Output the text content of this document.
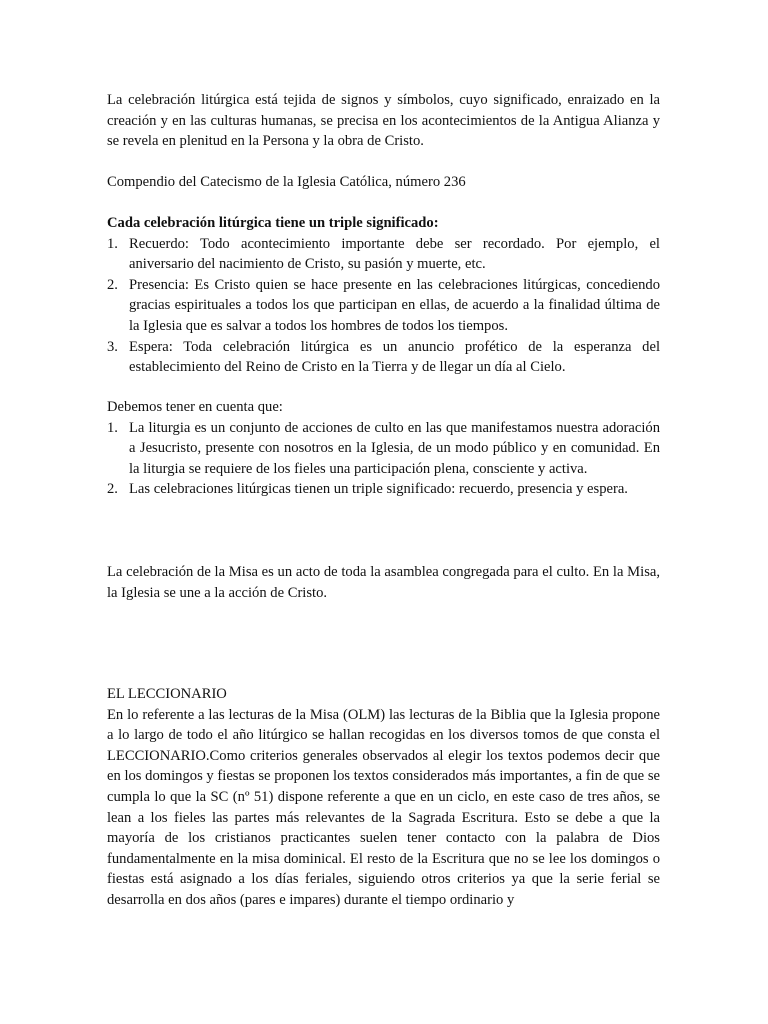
La celebración litúrgica está tejida de signos y símbolos, cuyo significado, enraizado en la creación y en las culturas humanas, se precisa en los acontecimientos de la Antigua Alianza y se revela en plenitud en la Persona y la obra de Cristo.

Compendio del Catecismo de la Iglesia Católica, número 236

Cada celebración litúrgica tiene un triple significado:
1. Recuerdo: Todo acontecimiento importante debe ser recordado. Por ejemplo, el aniversario del nacimiento de Cristo, su pasión y muerte, etc.
2. Presencia: Es Cristo quien se hace presente en las celebraciones litúrgicas, concediendo gracias espirituales a todos los que participan en ellas, de acuerdo a la finalidad última de la Iglesia que es salvar a todos los hombres de todos los tiempos.
3. Espera: Toda celebración litúrgica es un anuncio profético de la esperanza del establecimiento del Reino de Cristo en la Tierra y de llegar un día al Cielo.
Debemos tener en cuenta que:
1. La liturgia es un conjunto de acciones de culto en las que manifestamos nuestra adoración a Jesucristo, presente con nosotros en la Iglesia, de un modo público y en comunidad. En la liturgia se requiere de los fieles una participación plena, consciente y activa.
2. Las celebraciones litúrgicas tienen un triple significado: recuerdo, presencia y espera.

La celebración de la Misa es un acto de toda la asamblea congregada para el culto. En la Misa, la Iglesia se une a la acción de Cristo.

EL LECCIONARIO
En lo referente a las lecturas de la Misa (OLM) las lecturas de la Biblia que la Iglesia propone a lo largo de todo el año litúrgico se hallan recogidas en los diversos tomos de que consta el LECCIONARIO.Como criterios generales observados al elegir los textos podemos decir que en los domingos y fiestas se proponen los textos considerados más importantes, a fin de que se cumpla lo que la SC (nº 51) dispone referente a que en un ciclo, en este caso de tres años, se lean a los fieles las partes más relevantes de la Sagrada Escritura. Esto se debe a que la mayoría de los cristianos practicantes suelen tener contacto con la palabra de Dios fundamentalmente en la misa dominical. El resto de la Escritura que no se lee los domingos o fiestas está asignado a los días feriales, siguiendo otros criterios ya que la serie ferial se desarrolla en dos años (pares e impares) durante el tiempo ordinario y
